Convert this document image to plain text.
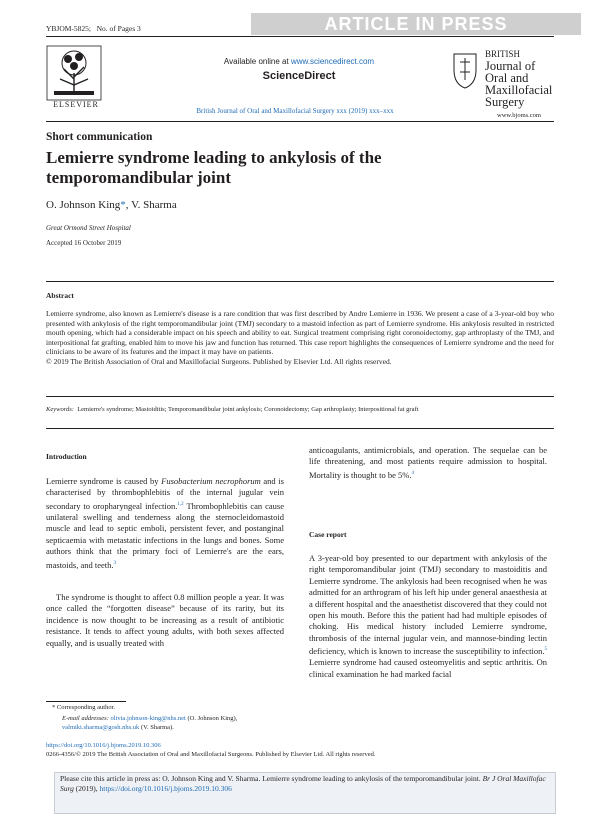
YBJOM-5825; No. of Pages 3	ARTICLE IN PRESS
ELSEVIER
Available online at www.sciencedirect.com
ScienceDirect
British Journal of Oral and Maxillofacial Surgery xxx (2019) xxx–xxx
BRITISH
Journal of
Oral and
Maxillofacial
Surgery
www.bjoms.com
Short communication
Lemierre syndrome leading to ankylosis of the temporomandibular joint
O. Johnson King*, V. Sharma
Great Ormond Street Hospital
Accepted 16 October 2019
Abstract
Lemierre syndrome, also known as Lemierre's disease is a rare condition that was first described by Andre Lemierre in 1936. We present a case of a 3-year-old boy who presented with ankylosis of the right temporomandibular joint (TMJ) secondary to a mastoid infection as part of Lemierre syndrome. His ankylosis resulted in restricted mouth opening, which had a considerable impact on his speech and ability to eat. Surgical treatment comprising right coronoidectomy, gap arthroplasty of the TMJ, and interpositional fat grafting, enabled him to move his jaw and function has returned. This case report highlights the consequences of Lemierre syndrome and the need for clinicians to be aware of its features and the impact it may have on patients.
© 2019 The British Association of Oral and Maxillofacial Surgeons. Published by Elsevier Ltd. All rights reserved.
Keywords: Lemierre's syndrome; Mastoiditis; Temporomandibular joint ankylosis; Coronoidectomy; Gap arthroplasty; Interpositional fat graft
Introduction
Lemierre syndrome is caused by Fusobacterium necrophorum and is characterised by thrombophlebitis of the internal jugular vein secondary to oropharyngeal infection.$^{1,2}$ Thrombophlebitis can cause unilateral swelling and tenderness along the sternocleidomastoid muscle and lead to septic emboli, persistent fever, and postanginal septicaemia with metastatic infections in the lungs and bones. Some authors think that the primary foci of Lemierre's are the ears, mastoids, and teeth.$^3$
The syndrome is thought to affect 0.8 million people a year. It was once called the “forgotten disease” because of its rarity, but its incidence is now thought to be increasing as a result of antibiotic resistance. It tends to affect young adults, with both sexes affected equally, and is usually treated with
anticoagulants, antimicrobials, and operation. The sequelae can be life threatening, and most patients require admission to hospital. Mortality is thought to be 5%.$^4$
Case report
A 3-year-old boy presented to our department with ankylosis of the right temporomandibular joint (TMJ) secondary to mastoiditis and Lemierre syndrome. The ankylosis had been recognised when he was admitted for an arthrogram of his left hip under general anaesthesia at a different hospital and the anaesthetist discovered that they could not open his mouth. Before this the patient had had multiple episodes of choking. His medical history included Lemierre syndrome, thrombosis of the internal jugular vein, and mannose-binding lectin deficiency, which is known to increase the susceptibility to infection.$^5$ Lemierre syndrome had caused osteomyelitis and septic arthritis. On clinical examination he had marked facial
* Corresponding author.
E-mail addresses: olivia.johnson-king@nhs.net (O. Johnson King), valmiki.sharma@gosh.nhs.uk (V. Sharma).
https://doi.org/10.1016/j.bjoms.2019.10.306
0266-4356/© 2019 The British Association of Oral and Maxillofacial Surgeons. Published by Elsevier Ltd. All rights reserved.
Please cite this article in press as: O. Johnson King and V. Sharma. Lemierre syndrome leading to ankylosis of the temporomandibular joint. Br J Oral Maxillofac Surg (2019), https://doi.org/10.1016/j.bjoms.2019.10.306
